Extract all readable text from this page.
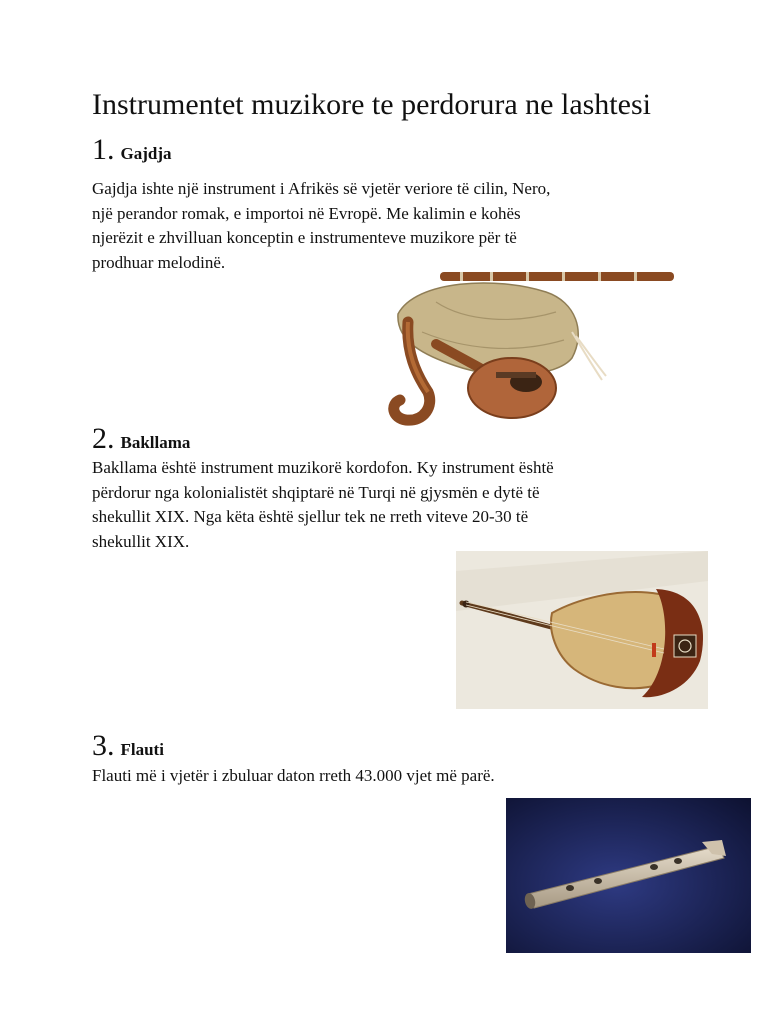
Instrumentet muzikore te perdorura ne lashtesi
1. Gajdja
Gajdja ishte një instrument i Afrikës së vjetër veriore të cilin, Nero,
një perandor romak, e importoi në Evropë. Me kalimin e kohës
njerëzit e zhvilluan konceptin e instrumenteve muzikore për të
prodhuar melodinë.
2. Bakllama
Bakllama është instrument muzikorë kordofon. Ky instrument është
përdorur nga kolonialistët shqiptarë në Turqi në gjysmën e dytë të
shekullit XIX. Nga këta është sjellur tek ne rreth viteve 20-30 të
shekullit XIX.
3. Flauti
Flauti më i vjetër i zbuluar daton rreth 43.000 vjet më parë.
